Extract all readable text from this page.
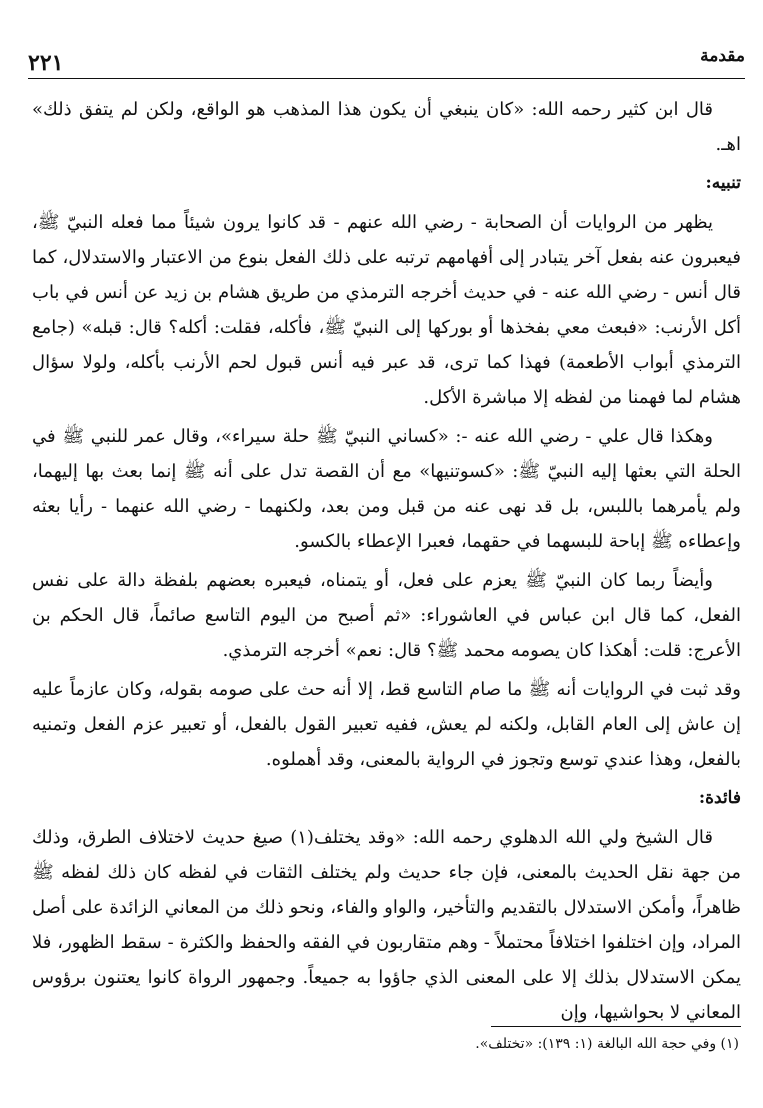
مقدمة
٢٢١

قال ابن كثير رحمه الله: «كان ينبغي أن يكون هذا المذهب هو الواقع، ولكن لم يتفق ذلك» اهـ.

تنبيه:

يظهر من الروايات أن الصحابة - رضي الله عنهم - قد كانوا يرون شيئاً مما فعله النبيّ ﷺ، فيعبرون عنه بفعل آخر يتبادر إلى أفهامهم ترتبه على ذلك الفعل بنوع من الاعتبار والاستدلال، كما قال أنس - رضي الله عنه - في حديث أخرجه الترمذي من طريق هشام بن زيد عن أنس في باب أكل الأرنب: «فبعث معي بفخذها أو بوركها إلى النبيّ ﷺ، فأكله، فقلت: أكله؟ قال: قبله» (جامع الترمذي أبواب الأطعمة) فهذا كما ترى، قد عبر فيه أنس قبول لحم الأرنب بأكله، ولولا سؤال هشام لما فهمنا من لفظه إلا مباشرة الأكل.

وهكذا قال علي - رضي الله عنه -: «كساني النبيّ ﷺ حلة سيراء»، وقال عمر للنبي ﷺ في الحلة التي بعثها إليه النبيّ ﷺ: «كسوتنيها» مع أن القصة تدل على أنه ﷺ إنما بعث بها إليهما، ولم يأمرهما باللبس، بل قد نهى عنه من قبل ومن بعد، ولكنهما - رضي الله عنهما - رأيا بعثه وإعطاءه ﷺ إباحة للبسهما في حقهما، فعبرا الإعطاء بالكسو.

وأيضاً ربما كان النبيّ ﷺ يعزم على فعل، أو يتمناه، فيعبره بعضهم بلفظة دالة على نفس الفعل، كما قال ابن عباس في العاشوراء: «ثم أصبح من اليوم التاسع صائماً، قال الحكم بن الأعرج: قلت: أهكذا كان يصومه محمد ﷺ؟ قال: نعم» أخرجه الترمذي.

وقد ثبت في الروايات أنه ﷺ ما صام التاسع قط، إلا أنه حث على صومه بقوله، وكان عازماً عليه إن عاش إلى العام القابل، ولكنه لم يعش، ففيه تعبير القول بالفعل، أو تعبير عزم الفعل وتمنيه بالفعل، وهذا عندي توسع وتجوز في الرواية بالمعنى، وقد أهملوه.

فائدة:

قال الشيخ ولي الله الدهلوي رحمه الله: «وقد يختلف(١) صيغ حديث لاختلاف الطرق، وذلك من جهة نقل الحديث بالمعنى، فإن جاء حديث ولم يختلف الثقات في لفظه كان ذلك لفظه ﷺ ظاهراً، وأمكن الاستدلال بالتقديم والتأخير، والواو والفاء، ونحو ذلك من المعاني الزائدة على أصل المراد، وإن اختلفوا اختلافاً محتملاً - وهم متقاربون في الفقه والحفظ والكثرة - سقط الظهور، فلا يمكن الاستدلال بذلك إلا على المعنى الذي جاؤوا به جميعاً. وجمهور الرواة كانوا يعتنون برؤوس المعاني لا بحواشيها، وإن

(١) وفي حجة الله البالغة (١: ١٣٩): «تختلف».
